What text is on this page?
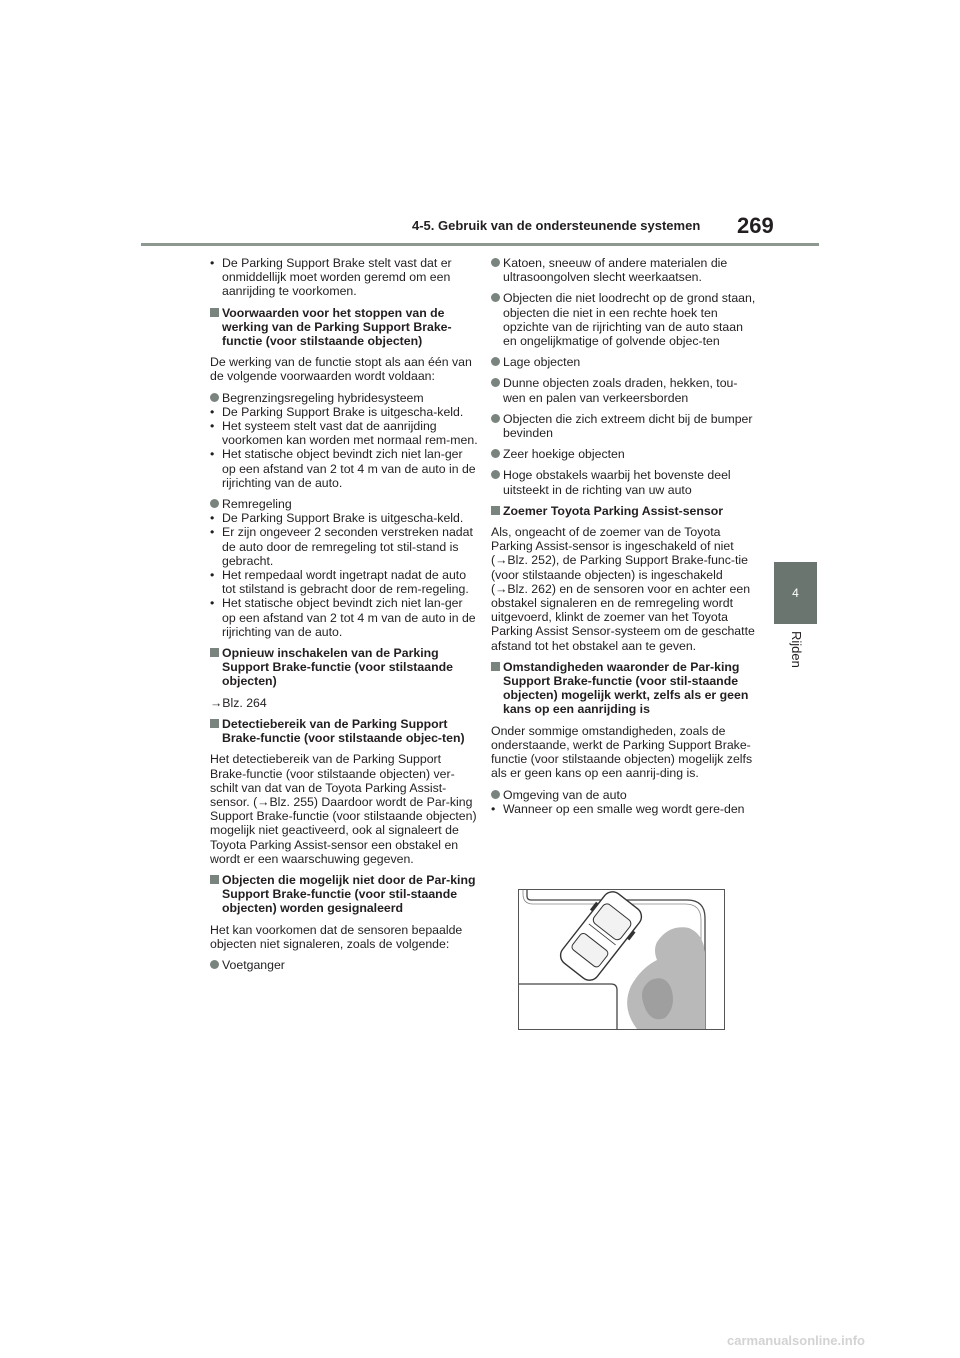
4-5. Gebruik van de ondersteunende systemen 269
4
Rijden
• De Parking Support Brake stelt vast dat er onmiddellijk moet worden geremd om een aanrijding te voorkomen.
Voorwaarden voor het stoppen van de werking van de Parking Support Brake-functie (voor stilstaande objecten)
De werking van de functie stopt als aan één van de volgende voorwaarden wordt voldaan:
Begrenzingsregeling hybridesysteem
• De Parking Support Brake is uitgescha-keld.
• Het systeem stelt vast dat de aanrijding voorkomen kan worden met normaal rem-men.
• Het statische object bevindt zich niet lan-ger op een afstand van 2 tot 4 m van de auto in de rijrichting van de auto.
Remregeling
• De Parking Support Brake is uitgescha-keld.
• Er zijn ongeveer 2 seconden verstreken nadat de auto door de remregeling tot stil-stand is gebracht.
• Het rempedaal wordt ingetrapt nadat de auto tot stilstand is gebracht door de rem-regeling.
• Het statische object bevindt zich niet lan-ger op een afstand van 2 tot 4 m van de auto in de rijrichting van de auto.
Opnieuw inschakelen van de Parking Support Brake-functie (voor stilstaande objecten)
→Blz. 264
Detectiebereik van de Parking Support Brake-functie (voor stilstaande objec-ten)
Het detectiebereik van de Parking Support Brake-functie (voor stilstaande objecten) ver-schilt van dat van de Toyota Parking Assist-sensor. (→Blz. 255) Daardoor wordt de Par-king Support Brake-functie (voor stilstaande objecten) mogelijk niet geactiveerd, ook al signaleert de Toyota Parking Assist-sensor een obstakel en wordt er een waarschuwing gegeven.
Objecten die mogelijk niet door de Par-king Support Brake-functie (voor stil-staande objecten) worden gesignaleerd
Het kan voorkomen dat de sensoren bepaalde objecten niet signaleren, zoals de volgende:
Voetganger
Katoen, sneeuw of andere materialen die ultrasoongolven slecht weerkaatsen.
Objecten die niet loodrecht op de grond staan, objecten die niet in een rechte hoek ten opzichte van de rijrichting van de auto staan en ongelijkmatige of golvende objec-ten
Lage objecten
Dunne objecten zoals draden, hekken, tou-wen en palen van verkeersborden
Objecten die zich extreem dicht bij de bumper bevinden
Zeer hoekige objecten
Hoge obstakels waarbij het bovenste deel uitsteekt in de richting van uw auto
Zoemer Toyota Parking Assist-sensor
Als, ongeacht of de zoemer van de Toyota Parking Assist-sensor is ingeschakeld of niet (→Blz. 252), de Parking Support Brake-func-tie (voor stilstaande objecten) is ingeschakeld (→Blz. 262) en de sensoren voor en achter een obstakel signaleren en de remregeling wordt uitgevoerd, klinkt de zoemer van het Toyota Parking Assist Sensor-systeem om de geschatte afstand tot het obstakel aan te geven.
Omstandigheden waaronder de Par-king Support Brake-functie (voor stil-staande objecten) mogelijk werkt, zelfs als er geen kans op een aanrijding is
Onder sommige omstandigheden, zoals de onderstaande, werkt de Parking Support Brake-functie (voor stilstaande objecten) mogelijk zelfs als er geen kans op een aanrij-ding is.
Omgeving van de auto
• Wanneer op een smalle weg wordt gere-den
carmanualsonline.info
